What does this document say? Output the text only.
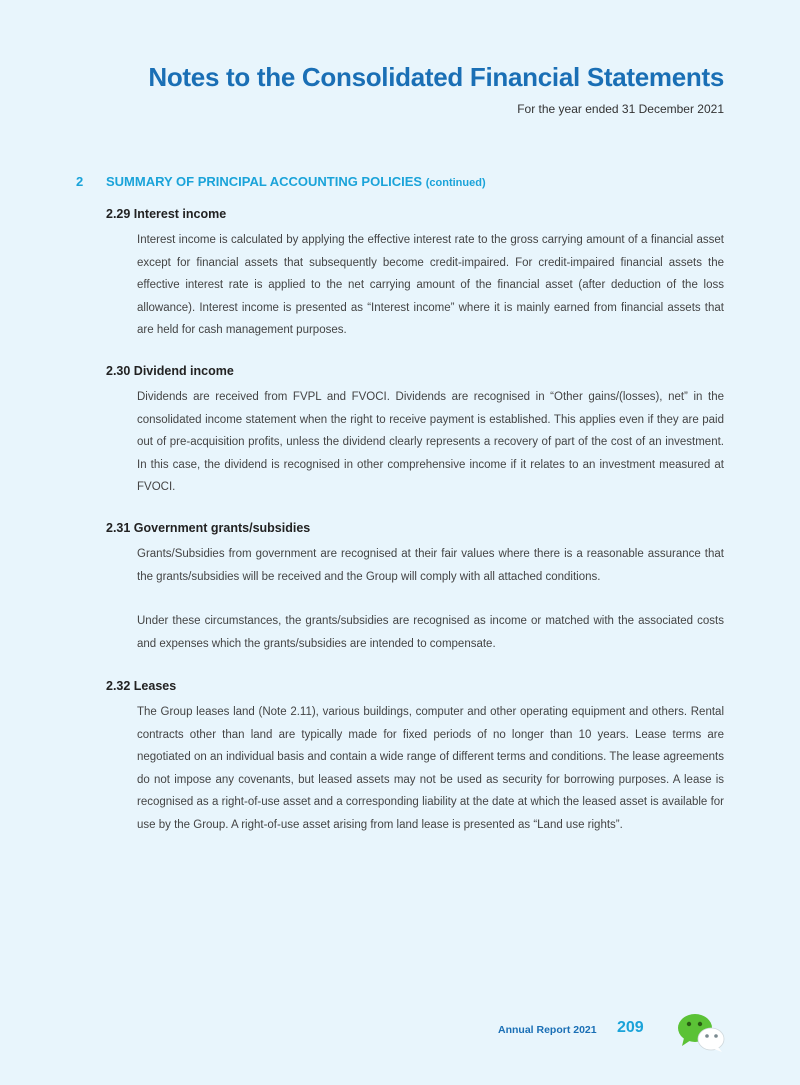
Notes to the Consolidated Financial Statements
For the year ended 31 December 2021
2 SUMMARY OF PRINCIPAL ACCOUNTING POLICIES (continued)
2.29 Interest income

Interest income is calculated by applying the effective interest rate to the gross carrying amount of a financial asset except for financial assets that subsequently become credit-impaired. For credit-impaired financial assets the effective interest rate is applied to the net carrying amount of the financial asset (after deduction of the loss allowance). Interest income is presented as “Interest income” where it is mainly earned from financial assets that are held for cash management purposes.

2.30 Dividend income

Dividends are received from FVPL and FVOCI. Dividends are recognised in “Other gains/(losses), net” in the consolidated income statement when the right to receive payment is established. This applies even if they are paid out of pre-acquisition profits, unless the dividend clearly represents a recovery of part of the cost of an investment. In this case, the dividend is recognised in other comprehensive income if it relates to an investment measured at FVOCI.

2.31 Government grants/subsidies

Grants/Subsidies from government are recognised at their fair values where there is a reasonable assurance that the grants/subsidies will be received and the Group will comply with all attached conditions.

Under these circumstances, the grants/subsidies are recognised as income or matched with the associated costs and expenses which the grants/subsidies are intended to compensate.

2.32 Leases

The Group leases land (Note 2.11), various buildings, computer and other operating equipment and others. Rental contracts other than land are typically made for fixed periods of no longer than 10 years. Lease terms are negotiated on an individual basis and contain a wide range of different terms and conditions. The lease agreements do not impose any covenants, but leased assets may not be used as security for borrowing purposes. A lease is recognised as a right-of-use asset and a corresponding liability at the date at which the leased asset is available for use by the Group. A right-of-use asset arising from land lease is presented as “Land use rights”.

Annual Report 2021 209
